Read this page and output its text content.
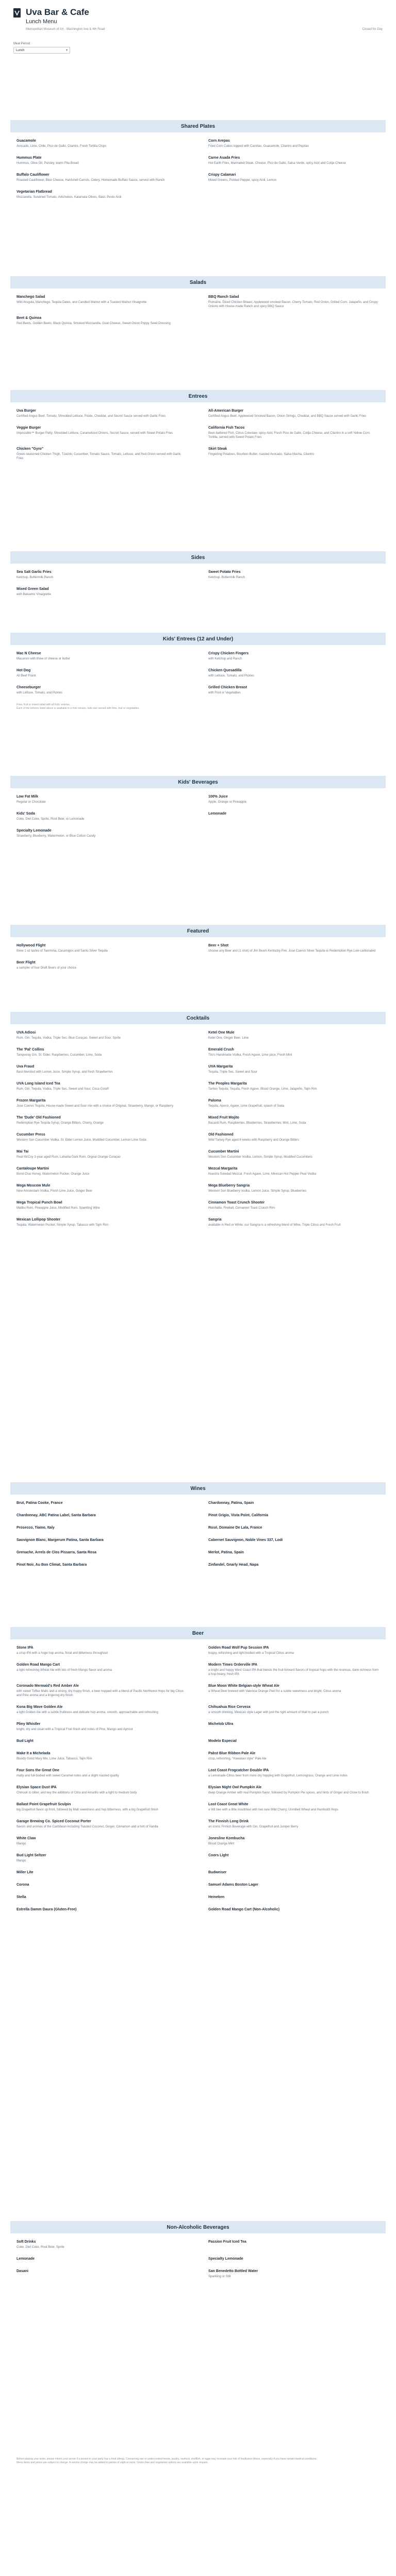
Uva Bar & Cafe
Lunch Menu
Metropolitan Museum of Art · Washington Ave & 4th Road	Closed for Day
Meal Period
Lunch	▾
Shared Plates
Guacamole
Avocado, Lime, Chile, Pico de Gallo, Cilantro, Fresh Tortilla Chips
Corn Arepas
Fried Corn Cakes topped with Carnitas, Guacamole, Cilantro and Pepitas
Hummus Plate
Hummus, Olive Oil, Parsley, warm Pita Bread
Carne Asada Fries
Hot Earth Fries, Marinated Steak, Cheese, Pico de Gallo, Salsa Verde, spicy Aioli and Cotija Cheese
Buffalo Cauliflower
Roasted Cauliflower, Blue Cheese, Hardshell Carrots, Celery, Homemade Buffalo Sauce, served with Ranch
Crispy Calamari
Mixed Greens, Pickled Pepper, spicy Aioli, Lemon
Vegetarian Flatbread
Mozzarella, Sundried Tomato, Artichokes, Kalamata Olives, Basil, Pesto Aioli
Salads
Manchego Salad
Wild Arugula, Manchego, Tequila Dates, and Candied Walnut with a Toasted Walnut Vinaigrette
BBQ Ranch Salad
Romaine, Diced Chicken Breast, Applewood smoked Bacon, Cherry Tomato, Red Onion, Grilled Corn, Jalapeño, and Crispy Onions with House-made Ranch and spicy BBQ Sauce
Beet & Quinoa
Red Beets, Golden Beets, Black Quinoa, Smoked Mozzarella, Goat Cheese, Sweet Onion Poppy Seed Dressing
Entrees
Uva Burger
Certified Angus Beef, Tomato, Shredded Lettuce, Pickle, Cheddar, and Secret Sauce served with Garlic Fries
All-American Burger
Certified Angus Beef, Applewood Smoked Bacon, Onion Strings, Cheddar, and BBQ Sauce served with Garlic Fries
Veggie Burger
Impossible™ Burger Patty, Shredded Lettuce, Caramelized Onions, Secret Sauce, served with Sweet Potato Fries
California Fish Tacos
Beer-battered Fish, Citrus Coleslaw, spicy Aioli, Fresh Pico de Gallo, Cotija Cheese, and Cilantro in a soft Yellow Corn Tortilla, served with Sweet Potato Fries
Chicken "Gyro"
Greek-seasoned Chicken Thigh, Tzatziki, Cucumber, Tomato Sauce, Tomato, Lettuce, and Red Onion served with Garlic Fries
Skirt Steak
Fingerling Potatoes, Bourbon Butter, roasted Avocado, Salsa Macha, Cilantro
Sides
Sea Salt Garlic Fries
Ketchup, Buttermilk Ranch
Sweet Potato Fries
Ketchup, Buttermilk Ranch
Mixed Green Salad
with Balsamic Vinaigrette
Kids' Entrees (12 and Under)
Mac N Cheese
Macaroni with three of cheese or butter
Crispy Chicken Fingers
with Ketchup and Ranch
Hot Dog
All Beef Frank
Chicken Quesadilla
with Lettuce, Tomato, and Pickles
Cheeseburger
with Lettuce, Tomato, and Pickles
Grilled Chicken Breast
with Fruit or Vegetables
Fries, fruit or mixed salad with all Kids' entrées.
Each of the entrées listed above is available in a mini version, kids size served with fries, fruit or vegetables.
Kids' Beverages
Low Fat Milk
Regular or Chocolate
100% Juice
Apple, Orange or Pineapple
Kids' Soda
Coke, Diet Coke, Sprite, Root Beer, or Lemonade
Lemonade
Specialty Lemonade
Strawberry, Blueberry, Watermelon, or Blue Cotton Candy
Featured
Hollywood Flight
three 1 oz tastes of Taormina, Casamigos and Santo Silver Tequila
Beer + Shot
choose any Beer and (1 shot) of Jim Beam Kentucky Fire, Jose Cuervo Silver Tequila or Redemption Rye Low-carbonated
Beer Flight
a sampler of four Draft Beers of your choice
Cocktails
UVA Adiosi
Rum, Gin, Tequila, Vodka, Triple Sec, Blue Curaçao, Sweet and Sour, Sprite
Ketel One Mule
Ketel One, Ginger Beer, Lime
The 'Pal' Collins
Tanqueray Gin, St. Elder, Raspberries, Cucumber, Lime, Soda
Emerald Crush
Tito's Handmade Vodka, Fresh Agave, Lime juice, Fresh Mint
Uva Fraud
Basil blended with Lemon Juice, Simple Syrup, and fresh Strawberries
UVA Margarita
Tequila, Triple Sec, Sweet and Sour
UVA Long Island Iced Tea
Rum, Gin, Tequila, Vodka, Triple Sec, Sweet and Sour, Coca-Cola®
The Peoples Margarita
Tanteo Tequila, Tequila, Fresh Agave, Blood Orange, Lime, Jalapeño, Tajín Rim
Frozen Margarita
Jose Cuervo Tequila, House-made Sweet and Sour mix with a choice of Original, Strawberry, Mango, or Raspberry
Paloma
Tequila, Aperol, Agave, Lime Grapefruit, splash of Soda
The 'Dude' Old Fashioned
Redemption Rye Tequila Syrup, Orange Bitters, Cherry, Orange
Mixed Fruit Mojito
Bacardi Rum, Raspberries, Blueberries, Strawberries, Mint, Lime, Soda
Cucumber Press
Western Son Cucumber Vodka, St. Elder Lemon Juice, Muddled Cucumber, Lemon Lime Soda
Old Fashioned
Wild Turkey Rye aged 6 weeks with Raspberry and Orange Bitters
Mai Tai
Real McCoy 3-year aged Rum, Lahaina Dark Rum, Orgeat Orange Curaçao
Cucumber Martini
Western Son Cucumber Vodka, Lemon, Simple Syrup, Muddled Cucumbers
Cantaloupe Martini
Bond Chai Honey, Watermelon Pucker, Orange Juice
Mezcal Margarita
Nuestra Soledad Mezcal, Fresh Agave, Lime, Mexican Hot Pepper Pear Vodka
Mega Moscow Mule
New Amsterdam Vodka, Fresh Lime Juice, Ginger Beer
Mega Blueberry Sangria
Western Son Blueberry Vodka, Lemon Juice, Simple Syrup, Blueberries
Mega Tropical Punch Bowl
Malibu Rum, Pineapple Juice, Modified Rum, Sparkling Wine
Cinnamon Toast Crunch Shooter
Horchatte, Fireball, Cinnamon Toast Crunch Rim
Mexican Lollipop Shooter
Tequila, Watermelon Pucker, Simple Syrup, Tabasco with Tajín Rim
Sangria
available in Red or White; our Sangria is a refreshing blend of Wine, Triple Citrus and Fresh Fruit
Wines
Brut, Patina Cooke, France	Chardonnay, Patina, Spain
Chardonnay, ABC Patina Label, Santa Barbara	Pinot Grigio, Vista Point, California
Prosecco, Tiamo, Italy	Rosé, Domaine De Lala, France
Sauvignon Blanc, Margerum Patina, Santa Barbara	Cabernet Sauvignon, Noble Vines 337, Lodi
Grenache, Arrels de Clos Pissarra, Santa Rosa	Merlot, Patina, Spain
Pinot Noir, Au Bon Climat, Santa Barbara	Zinfandel, Gnarly Head, Napa
Beer
Stone IPA
a crisp IPA with a huge hop aroma, floral and bitterness throughout
Golden Road Wolf Pup Session IPA
hoppy, refreshing and light bodied with a Tropical Citrus aroma
Golden Road Mango Cart
a light refreshing Wheat Ale with lots of fresh Mango flavor and aroma
Modern Times Orderville IPA
a bright and hoppy West Coast IPA that blends the fruit-forward flavors of tropical hops with the resinous, dank richness from a hop-heavy, fresh IPA
Coronado Mermaid's Red Amber Ale
with sweet Toffee Malts and a strong, dry hoppy finish, a beer hopped with a blend of Pacific Northwest Hops for big Citrus and Pine aroma and a lingering dry finish
Blue Moon White Belgian-style Wheat Ale
a Wheat Beer brewed with Valencia Orange Peel for a subtle sweetness and bright, Citrus aroma
Kona Big Wave Golden Ale
a light Golden Ale with a subtle fruitiness and delicate hop aroma, smooth, approachable and refreshing
Chihuahua Rice Cerveza
a smooth drinking, Mexican style Lager with just the right amount of Malt to pair a punch
Pliny Whistler
bright, dry and clean with a Tropical Fruit finish and notes of Pine, Mango and Apricot
Michelob Ultra
Bud Light	Modelo Especial
Make It a Michelada
Bloody Good Mary Mix, Lime Juice, Tabasco, Tajín Rim
Pabst Blue Ribbon Pale Ale
crisp, refreshing, "Hawaiian style" Pale Ale
Four Sons the Great One
malty and full-bodied with sweet Caramel notes and a slight roasted quality
Lost Coast Frogcatcher Double IPA
a Lemonade-Citrus beer from more dry hopping with Grapefruit, Lemongrass, Orange and Lime notes
Elysian Space Dust IPA
Chinook to bitter, and key the additions of Citra and Amarillo with a light to medium body
Elysian Night Owl Pumpkin Ale
deep Orange Amber with real Pumpkin flavor, followed by Pumpkin Pie spices, and hints of Ginger and Clove to finish
Ballast Point Grapefruit Sculpin
big Grapefruit flavor up front, followed by Malt sweetness and hop bitterness, with a big Grapefruit finish
Lost Coast Great White
a Wit bier with a little mouthfeel with two new Wild Cherry, Unmilled Wheat and Humboldt Hops
Garage Brewing Co. Spiced Coconut Porter
flavors and aromas of the Caribbean including Toasted Coconut, Ginger, Cinnamon and a hint of Vanilla
The Finnish Long Drink
an iconic Finnish Beverage with Gin, Grapefruit and Juniper Berry
White Claw
Mango
Jonesline Kombucha
Blood Orange Mint
Bud Light Seltzer
Mango
Coors Light
Miller Lite	Budweiser
Corona	Samuel Adams Boston Lager
Stella	Heineken
Estrella Damm Daura (Gluten-Free)	Golden Road Mango Cart (Non-Alcoholic)
Non-Alcoholic Beverages
Soft Drinks
Coke, Diet Coke, Root Beer, Sprite
Passion Fruit Iced Tea
Lemonade	Specialty Lemonade
Dasani	San Benedetto Bottled Water
Sparkling or Still
Before placing your order, please inform your server if a person in your party has a food allergy. Consuming raw or undercooked meats, poultry, seafood, shellfish, or eggs may increase your risk of foodborne illness, especially if you have certain medical conditions.
Menu items and prices are subject to change. A service charge may be added to parties of eight or more. Gluten-free and vegetarian options are available upon request.
